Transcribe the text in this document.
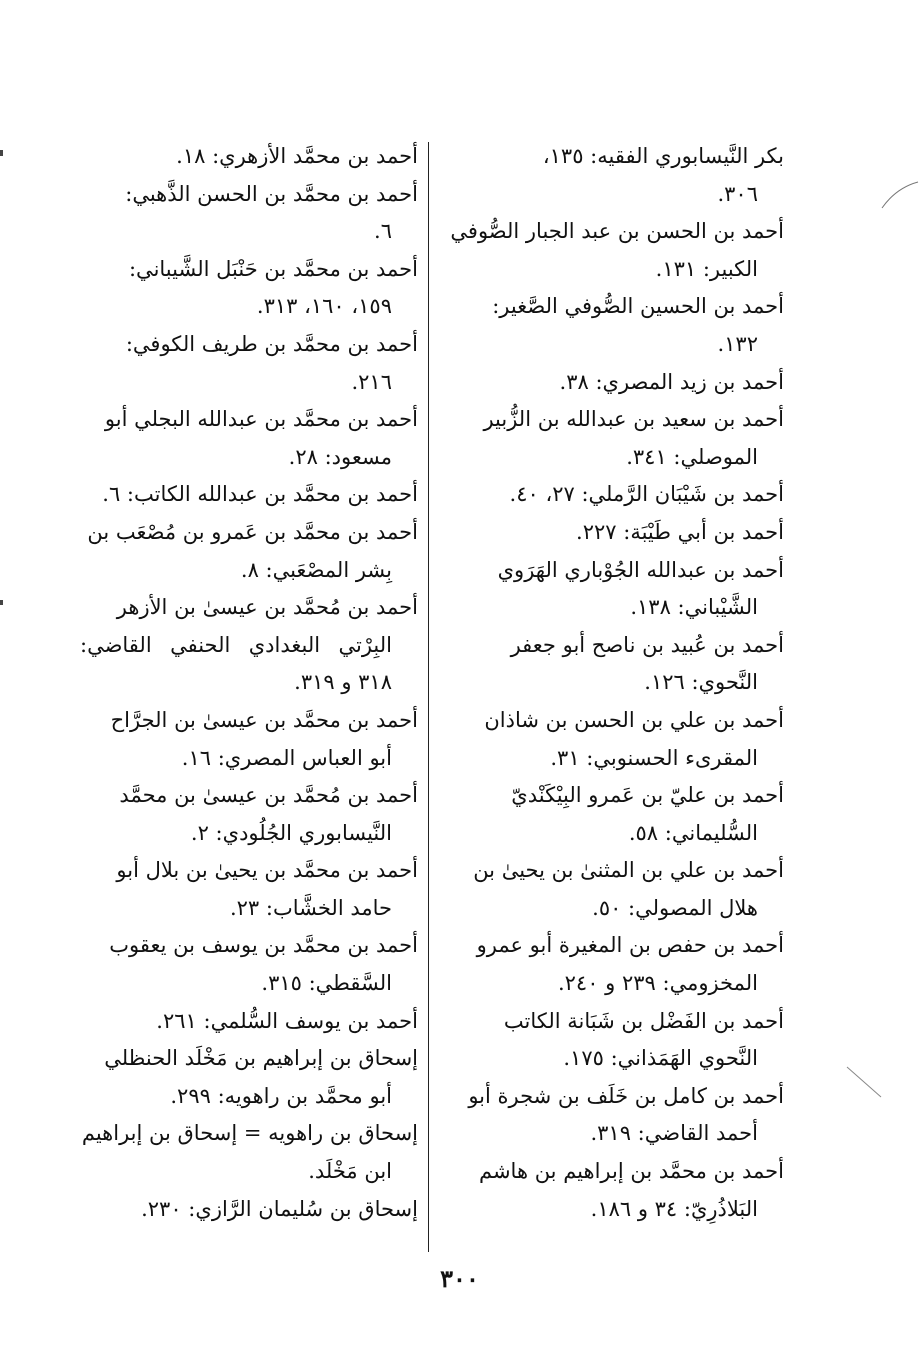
بكر النَّيسابوري الفقيه: ١٣٥،
٣٠٦.

أحمد بن الحسن بن عبد الجبار الصُّوفي
الكبير: ١٣١.

أحمد بن الحسين الصُّوفي الصَّغير:
١٣٢.

أحمد بن زيد المصري: ٣٨.

أحمد بن سعيد بن عبدالله بن الزُّبير
الموصلي: ٣٤١.

أحمد بن شَيْبَان الرَّملي: ٢٧، ٤٠.

أحمد بن أبي طَيْبَة: ٢٢٧.

أحمد بن عبدالله الجُوْباري الهَرَوي
الشَّيْباني: ١٣٨.

أحمد بن عُبيد بن ناصح أبو جعفر
النَّحوي: ١٢٦.

أحمد بن علي بن الحسن بن شاذان
المقرىء الحسنوبي: ٣١.

أحمد بن عليّ بن عَمرو البِيْكَنْديّ
السُّليماني: ٥٨.

أحمد بن علي بن المثنىٰ بن يحيىٰ بن
هلال المصولي: ٥٠.

أحمد بن حفص بن المغيرة أبو عمرو
المخزومي: ٢٣٩ و ٢٤٠.

أحمد بن الفَضْل بن شَبَانة الكاتب
النَّحوي الهَمَذاني: ١٧٥.

أحمد بن كامل بن خَلَف بن شجرة أبو
أحمد القاضي: ٣١٩.

أحمد بن محمَّد بن إبراهيم بن هاشم
البَلاذُرِيّ: ٣٤ و ١٨٦.

أحمد بن محمَّد الأزهري: ١٨.

أحمد بن محمَّد بن الحسن الذَّهبي:
٦.

أحمد بن محمَّد بن حَنْبَل الشَّيباني:
١٥٩، ١٦٠، ٣١٣.

أحمد بن محمَّد بن طريف الكوفي:
٢١٦.

أحمد بن محمَّد بن عبدالله البجلي أبو
مسعود: ٢٨.

أحمد بن محمَّد بن عبدالله الكاتب: ٦.

أحمد بن محمَّد بن عَمرو بن مُصْعَب بن
بِشر المصْعَبي: ٨.

أحمد بن مُحمَّد بن عيسىٰ بن الأزهر
البِرْتي البغدادي الحنفي القاضي: ٣١٨ و ٣١٩.

أحمد بن محمَّد بن عيسىٰ بن الجرَّاح
أبو العباس المصري: ١٦.

أحمد بن مُحمَّد بن عيسىٰ بن محمَّد
النَّيسابوري الجُلُودي: ٢.

أحمد بن محمَّد بن يحيىٰ بن بلال أبو
حامد الخشَّاب: ٢٣.

أحمد بن محمَّد بن يوسف بن يعقوب
السَّقطي: ٣١٥.

أحمد بن يوسف السُّلمي: ٢٦١.

إسحاق بن إبراهيم بن مَخْلَد الحنظلي
أبو محمَّد بن راهويه: ٢٩٩.

إسحاق بن راهويه = إسحاق بن إبراهيم
ابن مَخْلَد.

إسحاق بن سُليمان الرَّازي: ٢٣٠.

٣٠٠
